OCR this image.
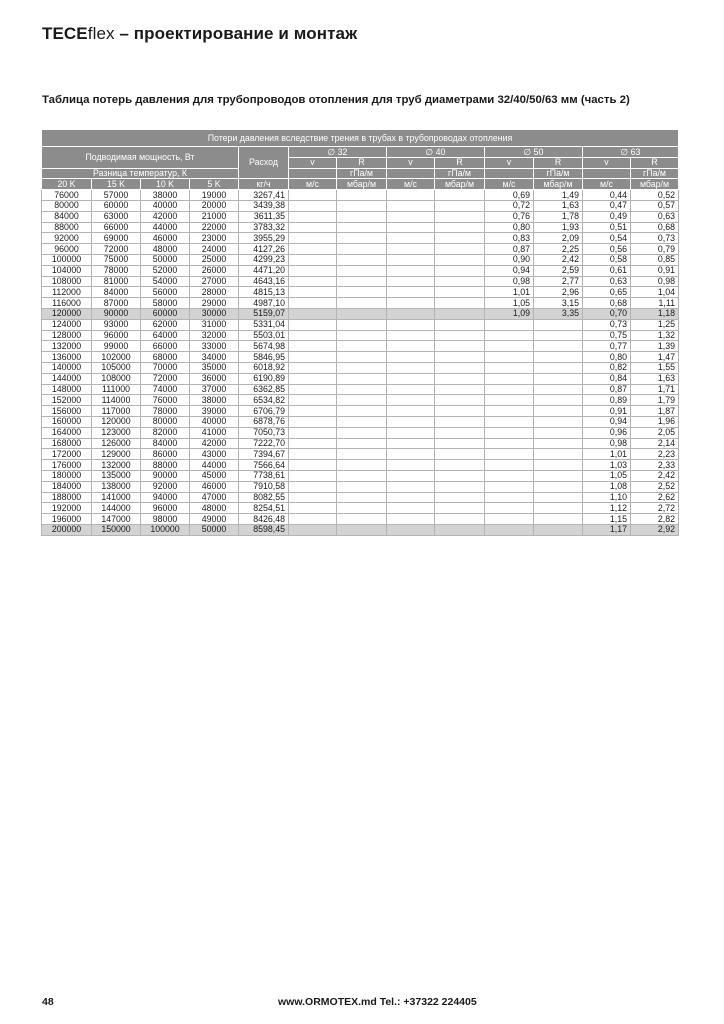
TECEflex – проектирование и монтаж
Таблица потерь давления для трубопроводов отопления для труб диаметрами 32/40/50/63 мм (часть 2)
Потери давления вследствие трения в трубах в трубопроводах отопления												
Подводимая мощность, Вт				Расход	∅ 32		∅ 40		∅ 50		∅ 63	
					v	R	v	R	v	R	v	R
Разница температур, К						гПа/м		гПа/м		гПа/м		гПа/м
20 K	15 K	10 K	5 K	кг/ч	м/с	мбар/м	м/с	мбар/м	м/с	мбар/м	м/с	мбар/м
76000	57000	38000	19000	3267,41					0,69	1,49	0,44	0,52
80000	60000	40000	20000	3439,38					0,72	1,63	0,47	0,57
84000	63000	42000	21000	3611,35					0,76	1,78	0,49	0,63
88000	66000	44000	22000	3783,32					0,80	1,93	0,51	0,68
92000	69000	46000	23000	3955,29					0,83	2,09	0,54	0,73
96000	72000	48000	24000	4127,26					0,87	2,25	0,56	0,79
100000	75000	50000	25000	4299,23					0,90	2,42	0,58	0,85
104000	78000	52000	26000	4471,20					0,94	2,59	0,61	0,91
108000	81000	54000	27000	4643,16					0,98	2,77	0,63	0,98
112000	84000	56000	28000	4815,13					1,01	2,96	0,65	1,04
116000	87000	58000	29000	4987,10					1,05	3,15	0,68	1,11
120000	90000	60000	30000	5159,07					1,09	3,35	0,70	1,18
124000	93000	62000	31000	5331,04							0,73	1,25
128000	96000	64000	32000	5503,01							0,75	1,32
132000	99000	66000	33000	5674,98							0,77	1,39
136000	102000	68000	34000	5846,95							0,80	1,47
140000	105000	70000	35000	6018,92							0,82	1,55
144000	108000	72000	36000	6190,89							0,84	1,63
148000	111000	74000	37000	6362,85							0,87	1,71
152000	114000	76000	38000	6534,82							0,89	1,79
156000	117000	78000	39000	6706,79							0,91	1,87
160000	120000	80000	40000	6878,76							0,94	1,96
164000	123000	82000	41000	7050,73							0,96	2,05
168000	126000	84000	42000	7222,70							0,98	2,14
172000	129000	86000	43000	7394,67							1,01	2,23
176000	132000	88000	44000	7566,64							1,03	2,33
180000	135000	90000	45000	7738,61							1,05	2,42
184000	138000	92000	46000	7910,58							1,08	2,52
188000	141000	94000	47000	8082,55							1,10	2,62
192000	144000	96000	48000	8254,51							1,12	2,72
196000	147000	98000	49000	8426,48							1,15	2,82
200000	150000	100000	50000	8598,45							1,17	2,92
48	www.ORMOTEX.md Tel.: +37322 224405
